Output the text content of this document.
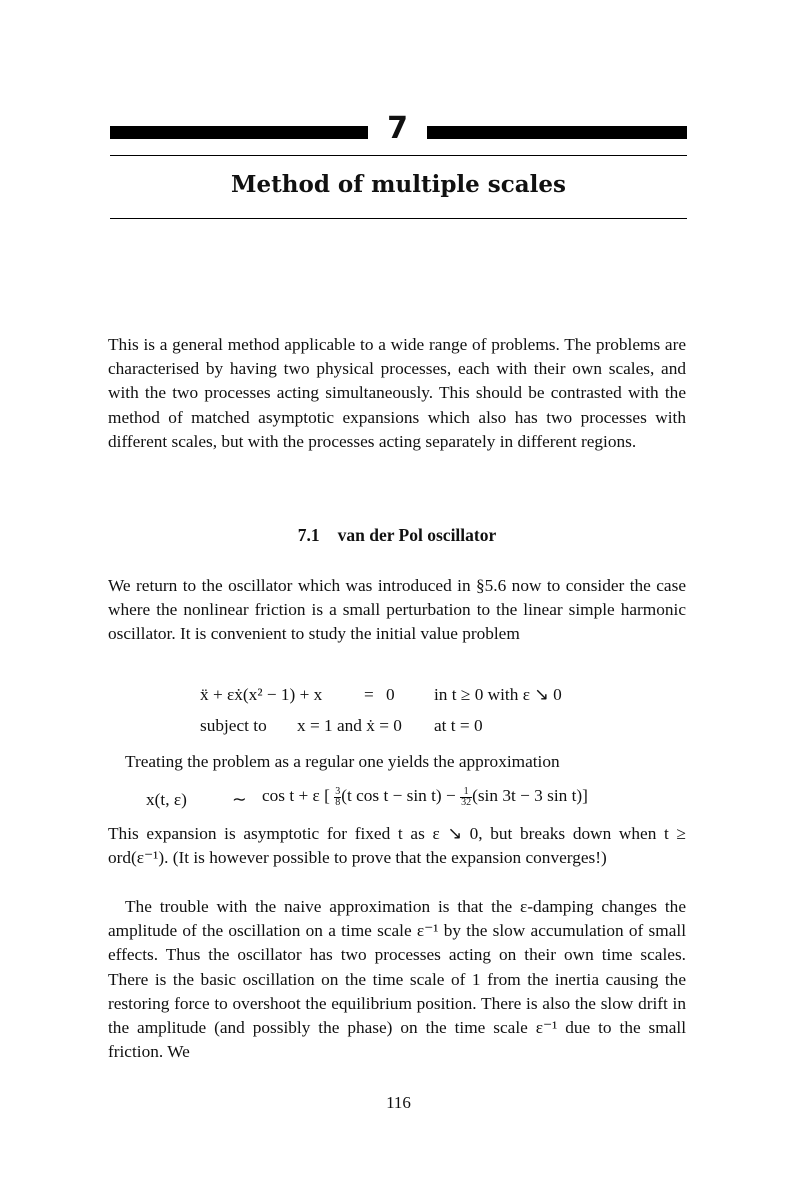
7
Method of multiple scales
This is a general method applicable to a wide range of problems. The problems are characterised by having two physical processes, each with their own scales, and with the two processes acting simultaneously. This should be contrasted with the method of matched asymptotic expansions which also has two processes with different scales, but with the processes acting separately in different regions.
7.1 van der Pol oscillator
We return to the oscillator which was introduced in §5.6 now to consider the case where the nonlinear friction is a small perturbation to the linear simple harmonic oscillator. It is convenient to study the initial value problem
ẍ + εẋ(x² − 1) + x = 0 in t ≥ 0 with ε ↘ 0
subject to x = 1 and ẋ = 0 at t = 0
Treating the problem as a regular one yields the approximation
x(t, ε)	∼ cos t + ε [ $\frac{3}{8} (t$ $\cos t - \sin t) - \frac{1}{32} (\sin$ 3t − 3 sin t)]
This expansion is asymptotic for fixed t as ε ↘ 0, but breaks down when t ≥ ord(ε⁻¹). (It is however possible to prove that the expansion converges!)
The trouble with the naive approximation is that the ε-damping changes the amplitude of the oscillation on a time scale ε⁻¹ by the slow accumulation of small effects. Thus the oscillator has two processes acting on their own time scales. There is the basic oscillation on the time scale of 1 from the inertia causing the restoring force to overshoot the equilibrium position. There is also the slow drift in the amplitude (and possibly the phase) on the time scale ε⁻¹ due to the small friction. We
116
